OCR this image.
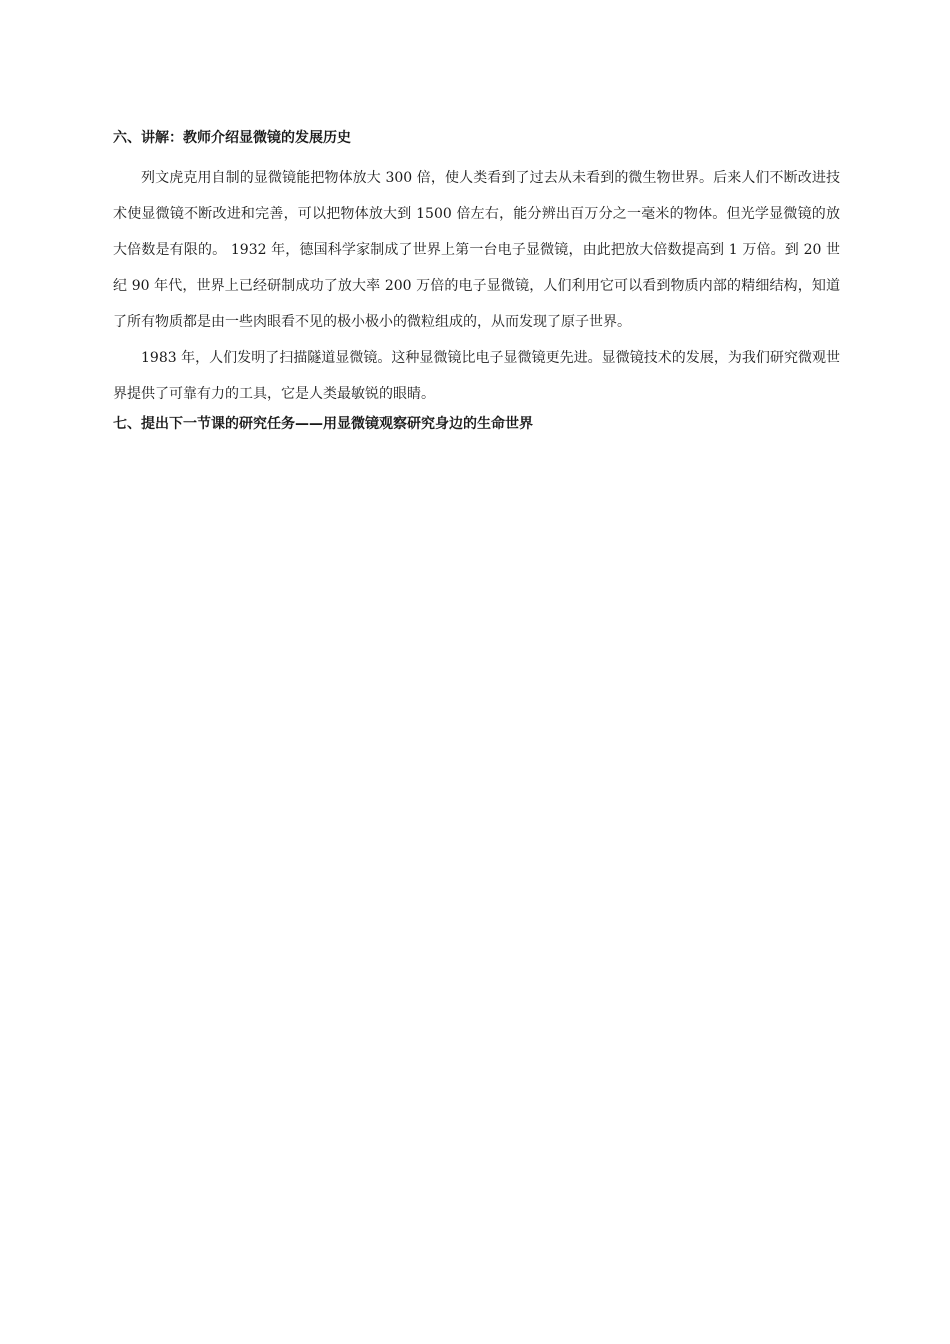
六、讲解：教师介绍显微镜的发展历史

列文虎克用自制的显微镜能把物体放大 300 倍，使人类看到了过去从未看到的微生物世界。后来人们不断改进技术使显微镜不断改进和完善，可以把物体放大到 1500 倍左右，能分辨出百万分之一毫米的物体。但光学显微镜的放大倍数是有限的。 1932 年，德国科学家制成了世界上第一台电子显微镜，由此把放大倍数提高到 1 万倍。到 20 世纪 90 年代，世界上已经研制成功了放大率 200 万倍的电子显微镜，人们利用它可以看到物质内部的精细结构，知道了所有物质都是由一些肉眼看不见的极小极小的微粒组成的，从而发现了原子世界。

1983 年，人们发明了扫描隧道显微镜。这种显微镜比电子显微镜更先进。显微镜技术的发展，为我们研究微观世界提供了可靠有力的工具，它是人类最敏锐的眼睛。

七、提出下一节课的研究任务——用显微镜观察研究身边的生命世界
